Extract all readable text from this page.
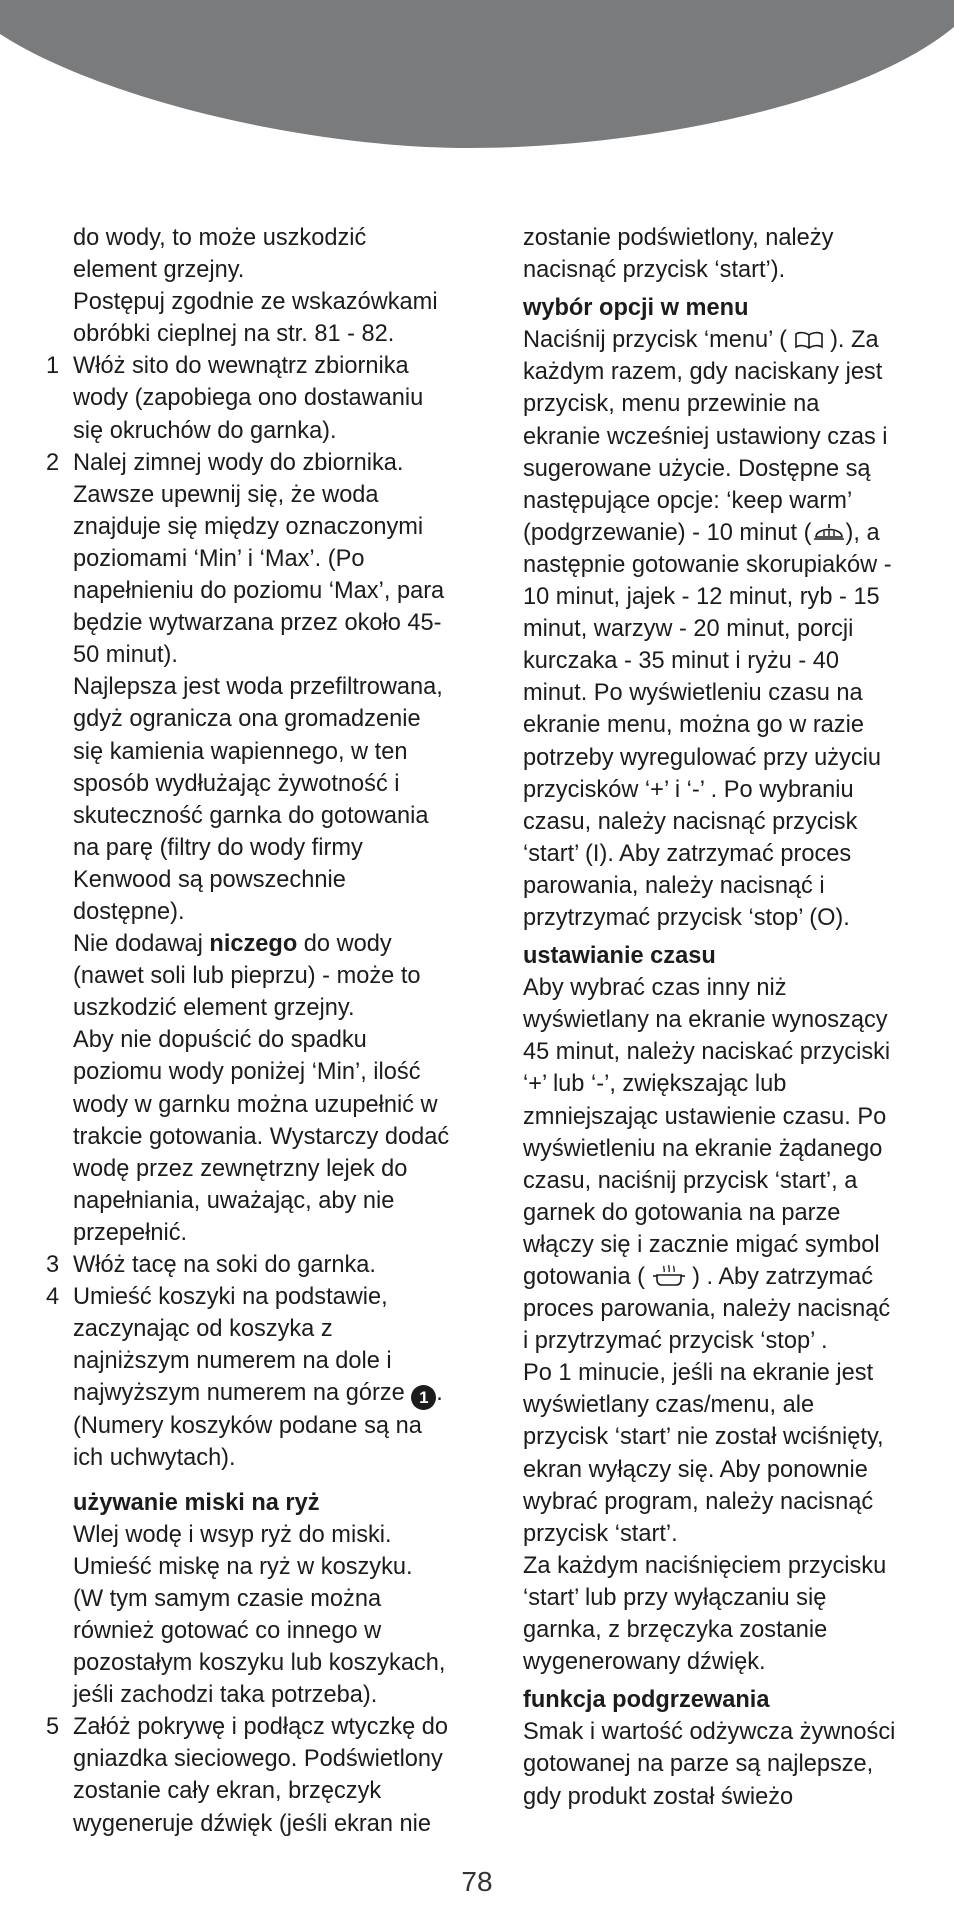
do wody, to może uszkodzić
element grzejny.
Postępuj zgodnie ze wskazówkami
obróbki cieplnej na str. 81 - 82.
1 Włóż sito do wewnątrz zbiornika
wody (zapobiega ono dostawaniu
się okruchów do garnka).
2 Nalej zimnej wody do zbiornika.
Zawsze upewnij się, że woda
znajduje się między oznaczonymi
poziomami ‘Min’ i ‘Max’. (Po
napełnieniu do poziomu ‘Max’, para
będzie wytwarzana przez około 45-
50 minut).
Najlepsza jest woda przefiltrowana,
gdyż ogranicza ona gromadzenie
się kamienia wapiennego, w ten
sposób wydłużając żywotność i
skuteczność garnka do gotowania
na parę (filtry do wody firmy
Kenwood są powszechnie
dostępne).
Nie dodawaj niczego do wody
(nawet soli lub pieprzu) - może to
uszkodzić element grzejny.
Aby nie dopuścić do spadku
poziomu wody poniżej ‘Min’, ilość
wody w garnku można uzupełnić w
trakcie gotowania. Wystarczy dodać
wodę przez zewnętrzny lejek do
napełniania, uważając, aby nie
przepełnić.
3 Włóż tacę na soki do garnka.
4 Umieść koszyki na podstawie,
zaczynając od koszyka z
najniższym numerem na dole i
najwyższym numerem na górze 1 .
(Numery koszyków podane są na
ich uchwytach).
używanie miski na ryż
Wlej wodę i wsyp ryż do miski.
Umieść miskę na ryż w koszyku.
(W tym samym czasie można
również gotować co innego w
pozostałym koszyku lub koszykach,
jeśli zachodzi taka potrzeba).
5 Załóż pokrywę i podłącz wtyczkę do
gniazdka sieciowego. Podświetlony
zostanie cały ekran, brzęczyk
wygeneruje dźwięk (jeśli ekran nie
zostanie podświetlony, należy
nacisnąć przycisk ‘start’).
wybór opcji w menu
Naciśnij przycisk ‘menu’ (  ). Za
każdym razem, gdy naciskany jest
przycisk, menu przewinie na
ekranie wcześniej ustawiony czas i
sugerowane użycie. Dostępne są
następujące opcje: ‘keep warm’
(podgrzewanie) - 10 minut ( ), a
następnie gotowanie skorupiaków -
10 minut, jajek - 12 minut, ryb - 15
minut, warzyw - 20 minut, porcji
kurczaka - 35 minut i ryżu - 40
minut. Po wyświetleniu czasu na
ekranie menu, można go w razie
potrzeby wyregulować przy użyciu
przycisków ‘+’ i ‘-’ . Po wybraniu
czasu, należy nacisnąć przycisk
‘start’ (I). Aby zatrzymać proces
parowania, należy nacisnąć i
przytrzymać przycisk ‘stop’ (O).
ustawianie czasu
Aby wybrać czas inny niż
wyświetlany na ekranie wynoszący
45 minut, należy naciskać przyciski
‘+’ lub ‘-’, zwiększając lub
zmniejszając ustawienie czasu. Po
wyświetleniu na ekranie żądanego
czasu, naciśnij przycisk ‘start’, a
garnek do gotowania na parze
włączy się i zacznie migać symbol
gotowania (  ) . Aby zatrzymać
proces parowania, należy nacisnąć
i przytrzymać przycisk ‘stop’ .
Po 1 minucie, jeśli na ekranie jest
wyświetlany czas/menu, ale
przycisk ‘start’ nie został wciśnięty,
ekran wyłączy się. Aby ponownie
wybrać program, należy nacisnąć
przycisk ‘start’.
Za każdym naciśnięciem przycisku
‘start’ lub przy wyłączaniu się
garnka, z brzęczyka zostanie
wygenerowany dźwięk.
funkcja podgrzewania
Smak i wartość odżywcza żywności
gotowanej na parze są najlepsze,
gdy produkt został świeżo
78
